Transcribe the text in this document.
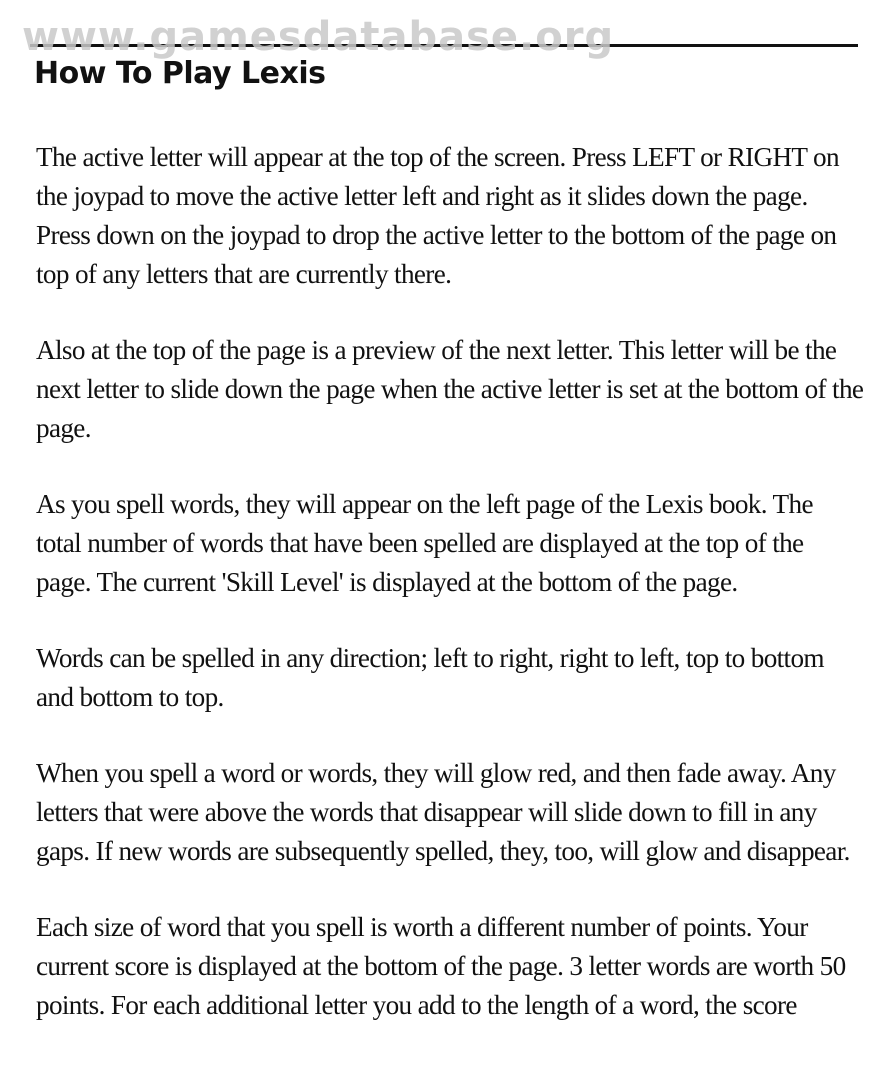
www.gamesdatabase.org
How To Play Lexis

The active letter will appear at the top of the screen. Press LEFT or RIGHT on the joypad to move the active letter left and right as it slides down the page. Press down on the joypad to drop the active letter to the bottom of the page on top of any letters that are currently there.

Also at the top of the page is a preview of the next letter. This letter will be the next letter to slide down the page when the active letter is set at the bottom of the page.

As you spell words, they will appear on the left page of the Lexis book. The total number of words that have been spelled are displayed at the top of the page. The current 'Skill Level' is displayed at the bottom of the page.

Words can be spelled in any direction; left to right, right to left, top to bottom and bottom to top.

When you spell a word or words, they will glow red, and then fade away. Any letters that were above the words that disappear will slide down to fill in any gaps. If new words are subsequently spelled, they, too, will glow and disappear.

Each size of word that you spell is worth a different number of points. Your current score is displayed at the bottom of the page. 3 letter words are worth 50 points. For each additional letter you add to the length of a word, the score
